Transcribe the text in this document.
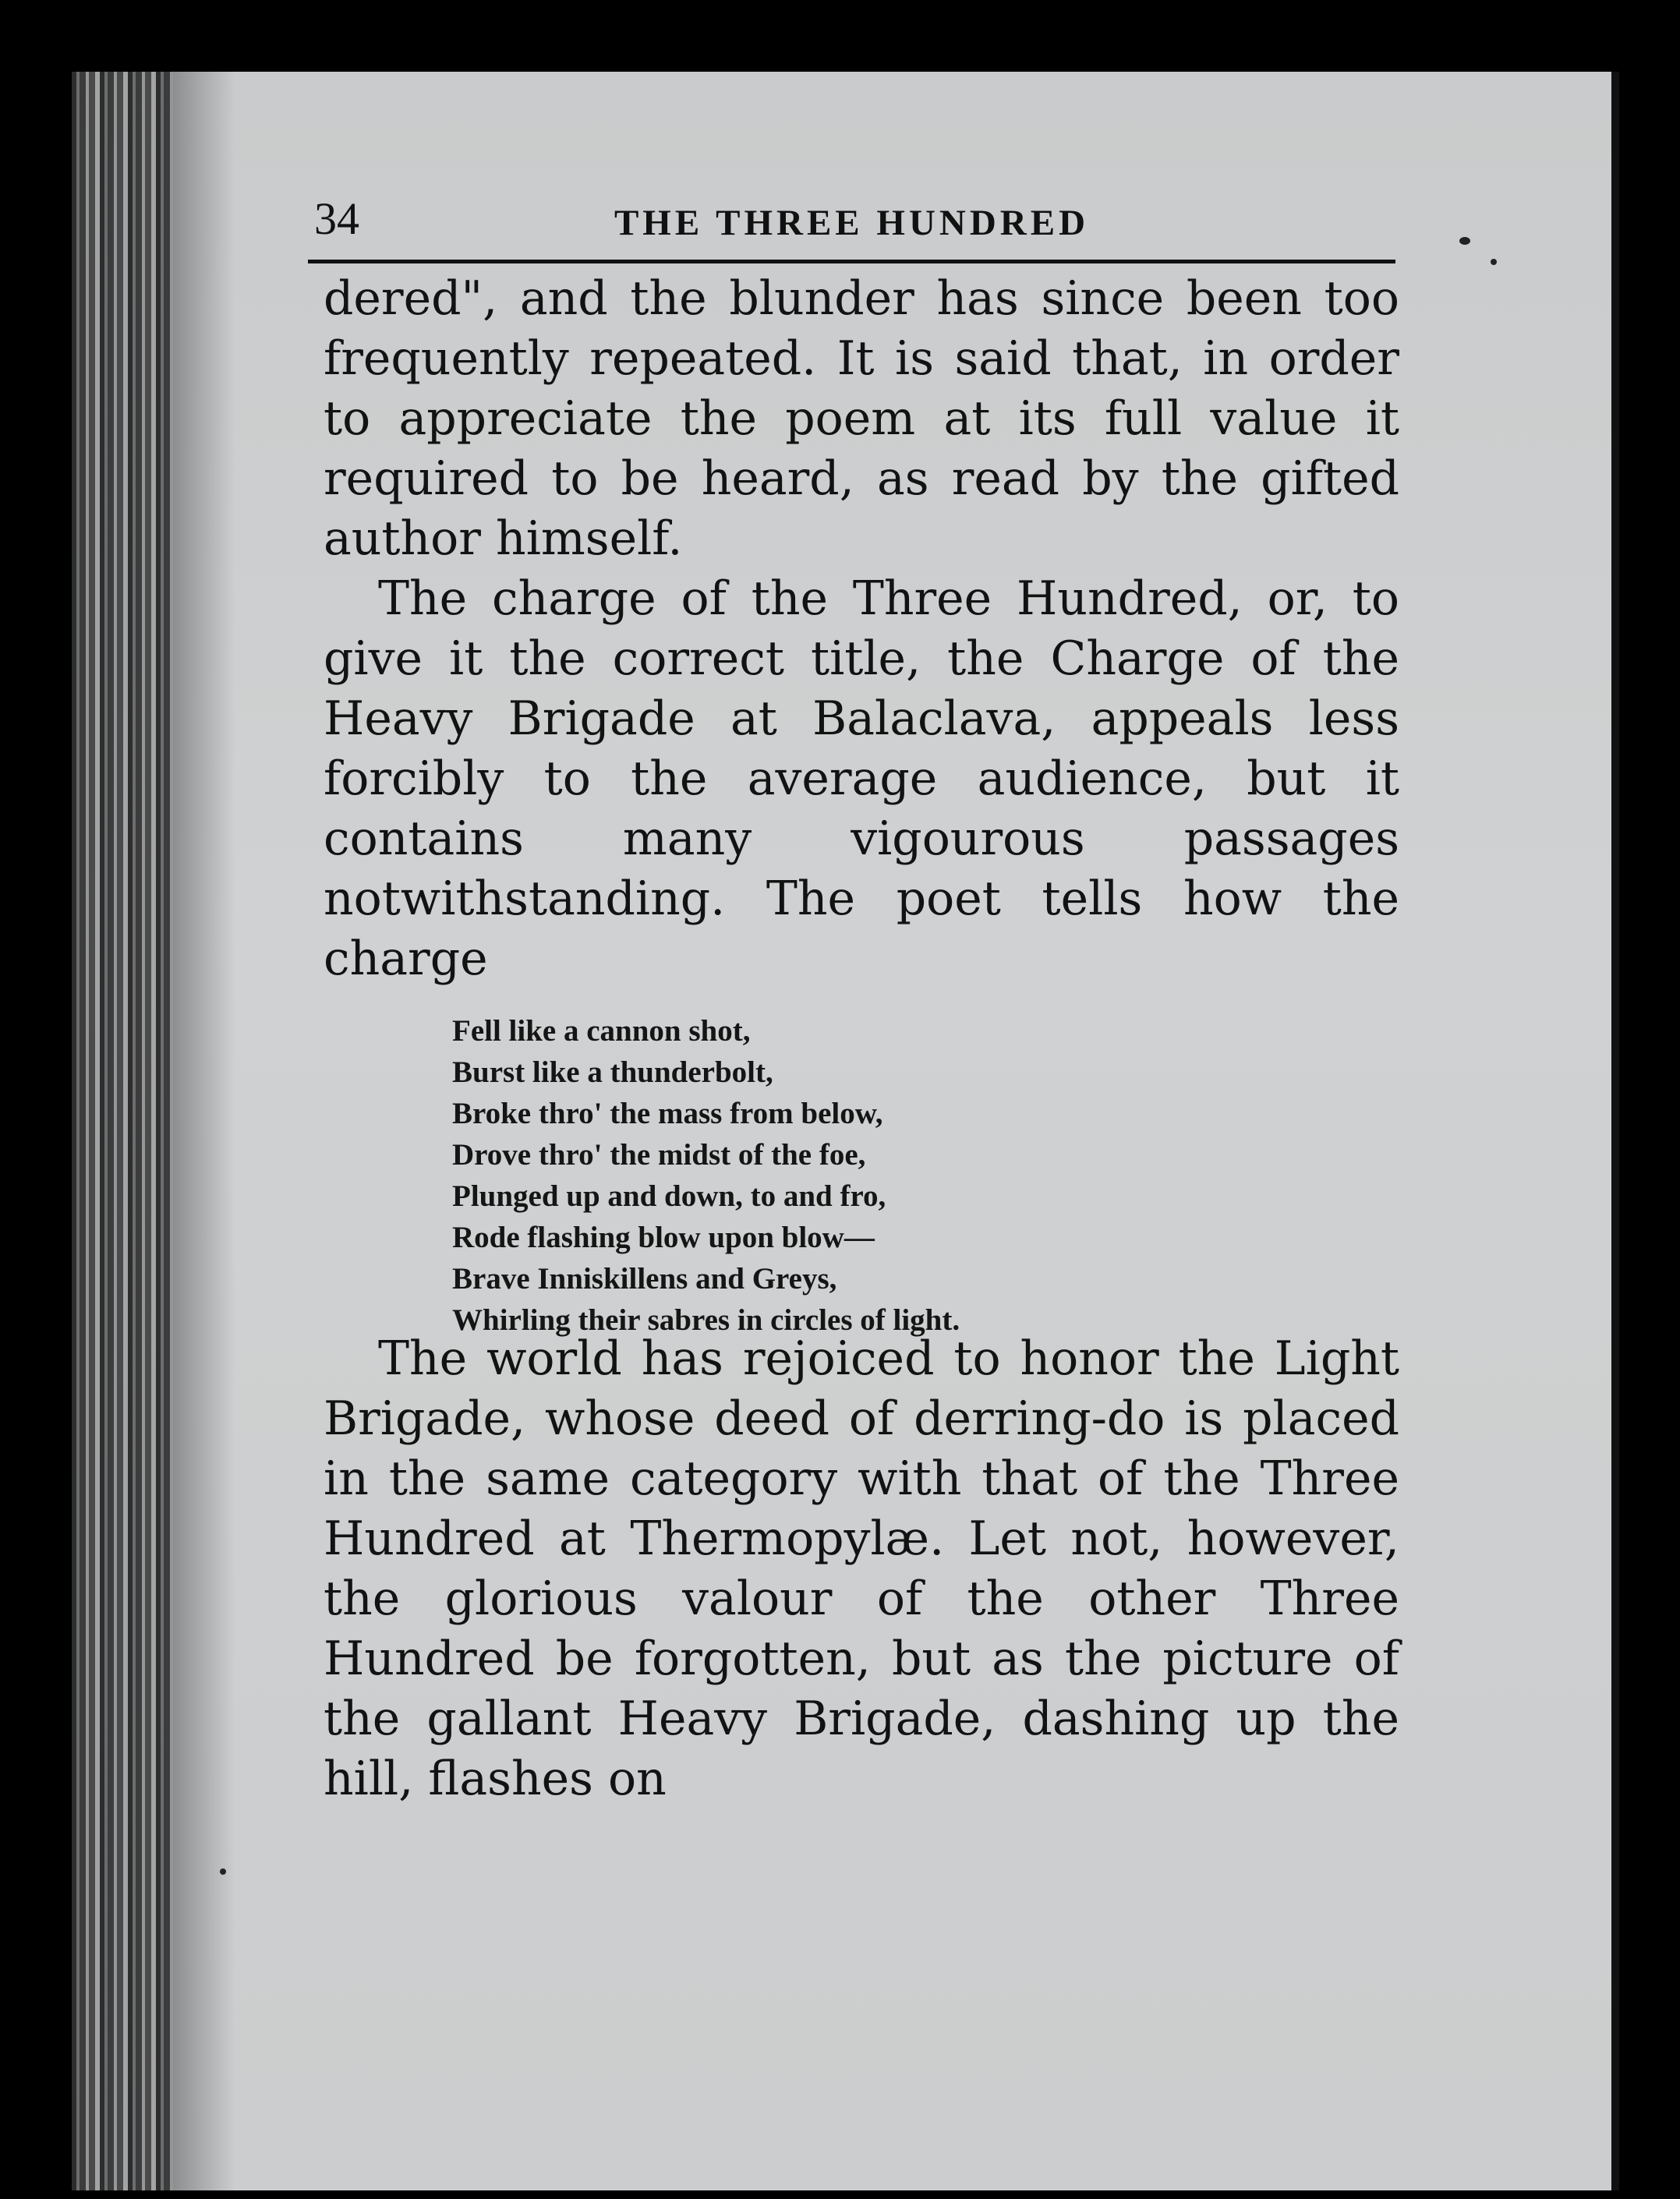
34	THE THREE HUNDRED

dered", and the blunder has since been too frequently repeated. It is said that, in order to appreciate the poem at its full value it required to be heard, as read by the gifted author himself.

The charge of the Three Hundred, or, to give it the correct title, the Charge of the Heavy Brigade at Balaclava, appeals less forcibly to the average audience, but it contains many vigourous passages notwithstanding. The poet tells how the charge

Fell like a cannon shot,
Burst like a thunderbolt,
Broke thro' the mass from below,
Drove thro' the midst of the foe,
Plunged up and down, to and fro,
Rode flashing blow upon blow—
Brave Inniskillens and Greys,
Whirling their sabres in circles of light.

The world has rejoiced to honor the Light Brigade, whose deed of derring-do is placed in the same category with that of the Three Hundred at Thermopylæ. Let not, however, the glorious valour of the other Three Hundred be forgotten, but as the picture of the gallant Heavy Brigade, dashing up the hill, flashes on
